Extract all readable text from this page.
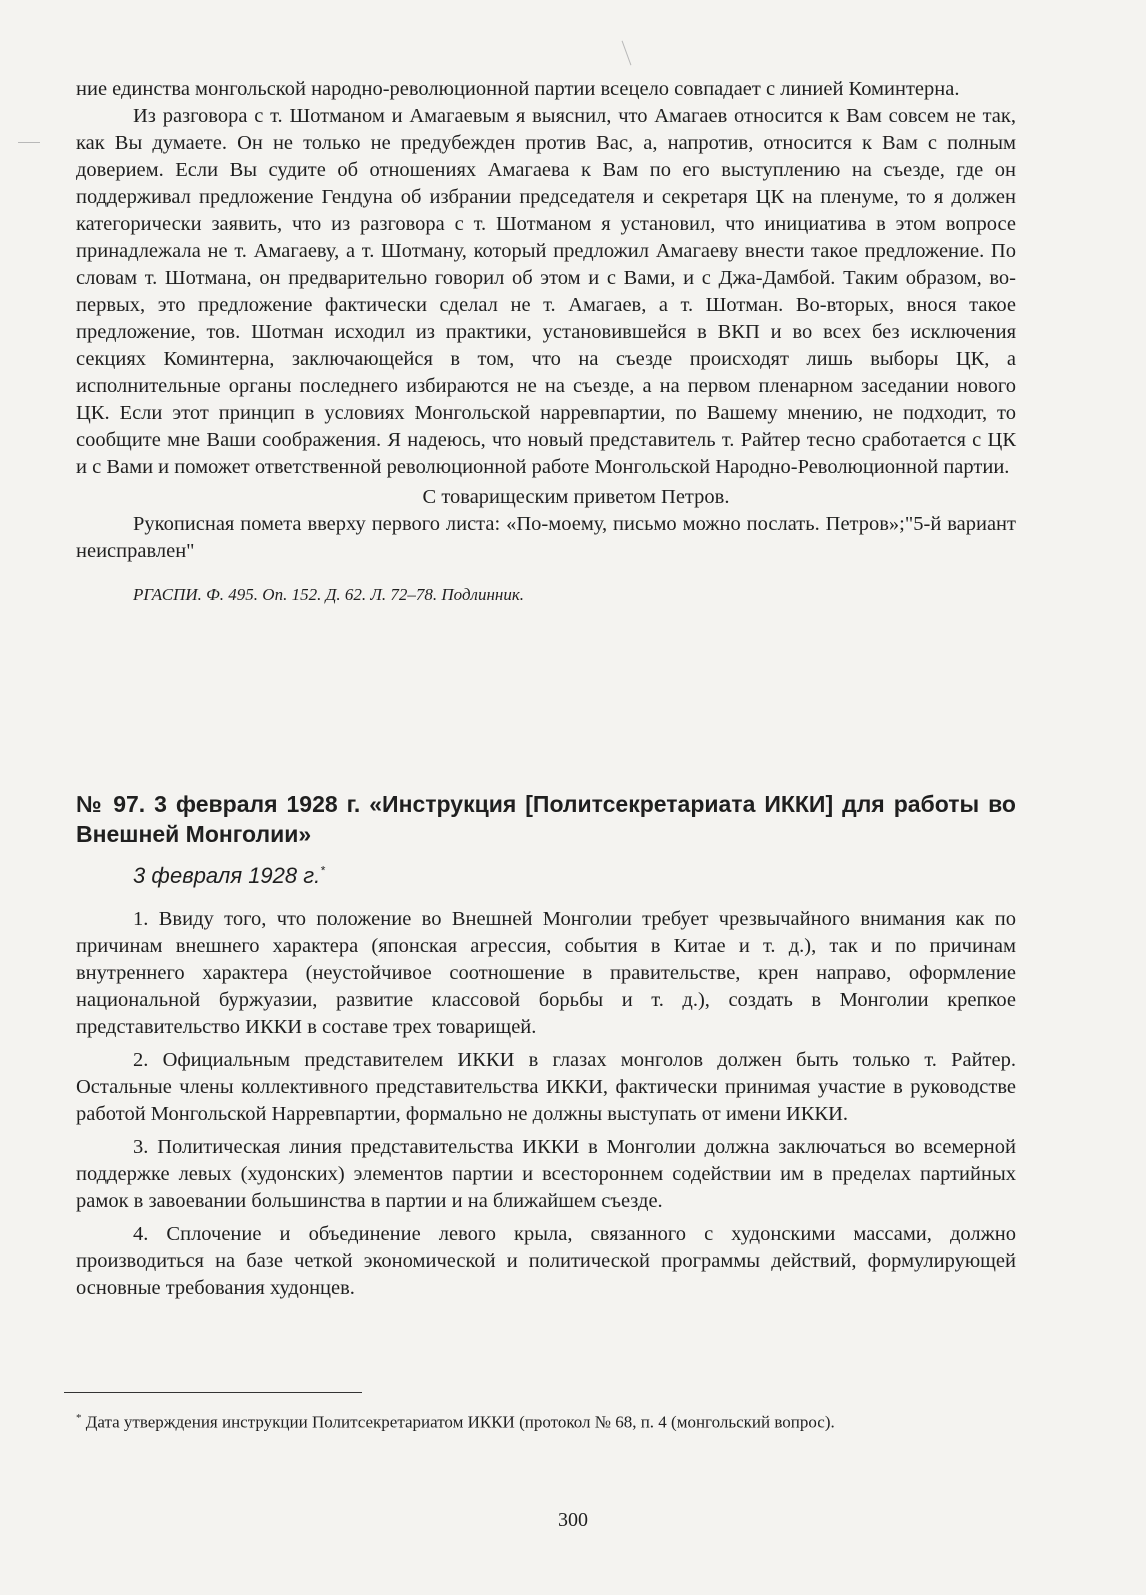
ние единства монгольской народно-революционной партии всецело совпадает с линией Коминтерна.

Из разговора с т. Шотманом и Амагаевым я выяснил, что Амагаев относится к Вам совсем не так, как Вы думаете. Он не только не предубежден против Вас, а, напротив, относится к Вам с полным доверием. Если Вы судите об отношениях Амагаева к Вам по его выступлению на съезде, где он поддерживал предложение Гендуна об избрании председателя и секретаря ЦК на пленуме, то я должен категорически заявить, что из разговора с т. Шотманом я установил, что инициатива в этом вопросе принадлежала не т. Амагаеву, а т. Шотману, который предложил Амагаеву внести такое предложение. По словам т. Шотмана, он предварительно говорил об этом и с Вами, и с Джа-Дамбой. Таким образом, во-первых, это предложение фактически сделал не т. Амагаев, а т. Шотман. Во-вторых, внося такое предложение, тов. Шотман исходил из практики, установившейся в ВКП и во всех без исключения секциях Коминтерна, заключающейся в том, что на съезде происходят лишь выборы ЦК, а исполнительные органы последнего избираются не на съезде, а на первом пленарном заседании нового ЦК. Если этот принцип в условиях Монгольской нарревпартии, по Вашему мнению, не подходит, то сообщите мне Ваши соображения. Я надеюсь, что новый представитель т. Райтер тесно сработается с ЦК и с Вами и поможет ответственной революционной работе Монгольской Народно-Революционной партии.

С товарищеским приветом Петров.

Рукописная помета вверху первого листа: «По-моему, письмо можно послать. Петров»;"5-й вариант неисправлен"

РГАСПИ. Ф. 495. Оп. 152. Д. 62. Л. 72–78. Подлинник.

№ 97. 3 февраля 1928 г. «Инструкция [Политсекретариата ИККИ] для работы во Внешней Монголии»

3 февраля 1928 г.*

1. Ввиду того, что положение во Внешней Монголии требует чрезвычайного внимания как по причинам внешнего характера (японская агрессия, события в Китае и т. д.), так и по причинам внутреннего характера (неустойчивое соотношение в правительстве, крен направо, оформление национальной буржуазии, развитие классовой борьбы и т. д.), создать в Монголии крепкое представительство ИККИ в составе трех товарищей.

2. Официальным представителем ИККИ в глазах монголов должен быть только т. Райтер. Остальные члены коллективного представительства ИККИ, фактически принимая участие в руководстве работой Монгольской Нарревпартии, формально не должны выступать от имени ИККИ.

3. Политическая линия представительства ИККИ в Монголии должна заключаться во всемерной поддержке левых (худонских) элементов партии и всестороннем содействии им в пределах партийных рамок в завоевании большинства в партии и на ближайшем съезде.

4. Сплочение и объединение левого крыла, связанного с худонскими массами, должно производиться на базе четкой экономической и политической программы действий, формулирующей основные требования худонцев.

* Дата утверждения инструкции Политсекретариатом ИККИ (протокол № 68, п. 4 (монгольский вопрос).

300
